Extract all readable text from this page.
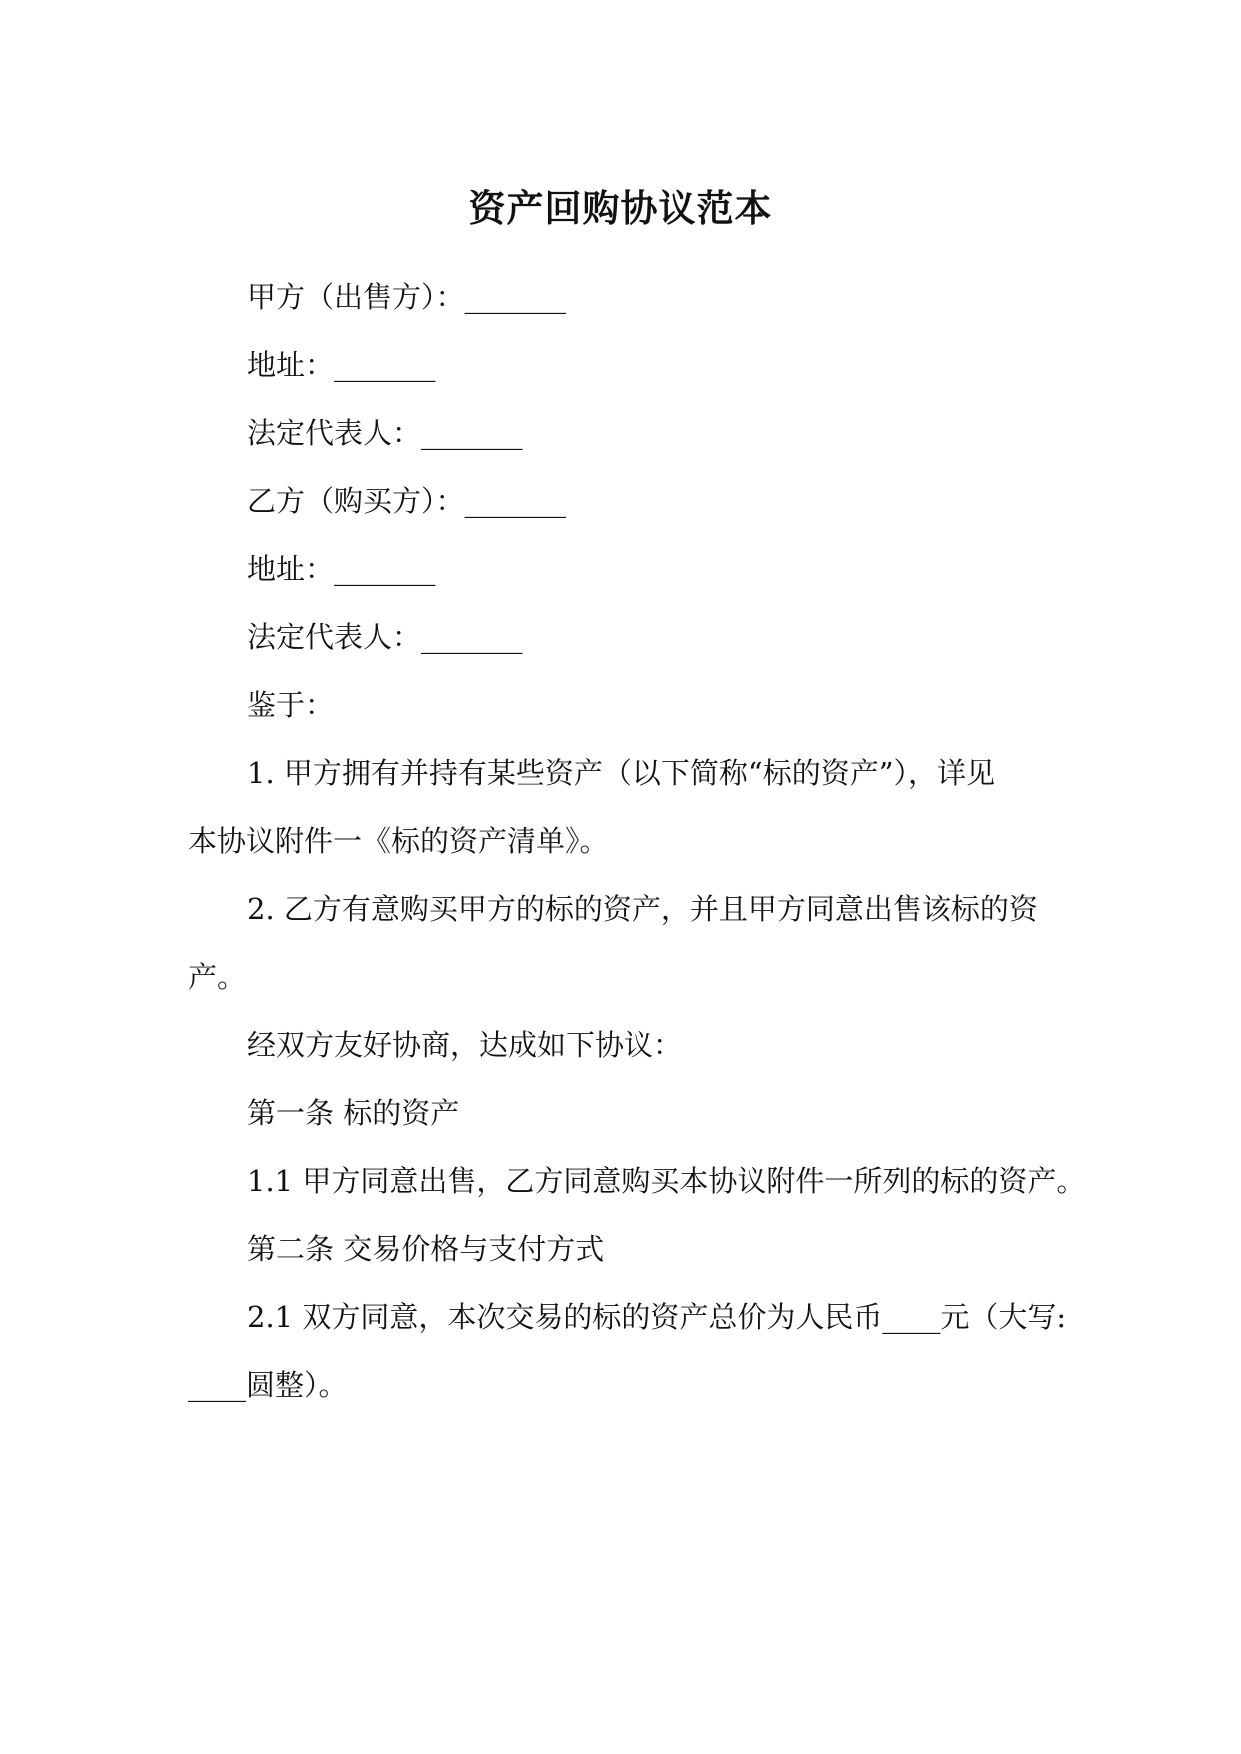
资产回购协议范本
甲方（出售方）：_______
地址：_______
法定代表人：_______
乙方（购买方）：_______
地址：_______
法定代表人：_______
鉴于：
1. 甲方拥有并持有某些资产（以下简称“标的资产”），详见
本协议附件一《标的资产清单》。
2. 乙方有意购买甲方的标的资产，并且甲方同意出售该标的资
产。
经双方友好协商，达成如下协议：
第一条 标的资产
1.1 甲方同意出售，乙方同意购买本协议附件一所列的标的资产。
第二条 交易价格与支付方式
2.1 双方同意，本次交易的标的资产总价为人民币____元（大写:
____圆整）。
